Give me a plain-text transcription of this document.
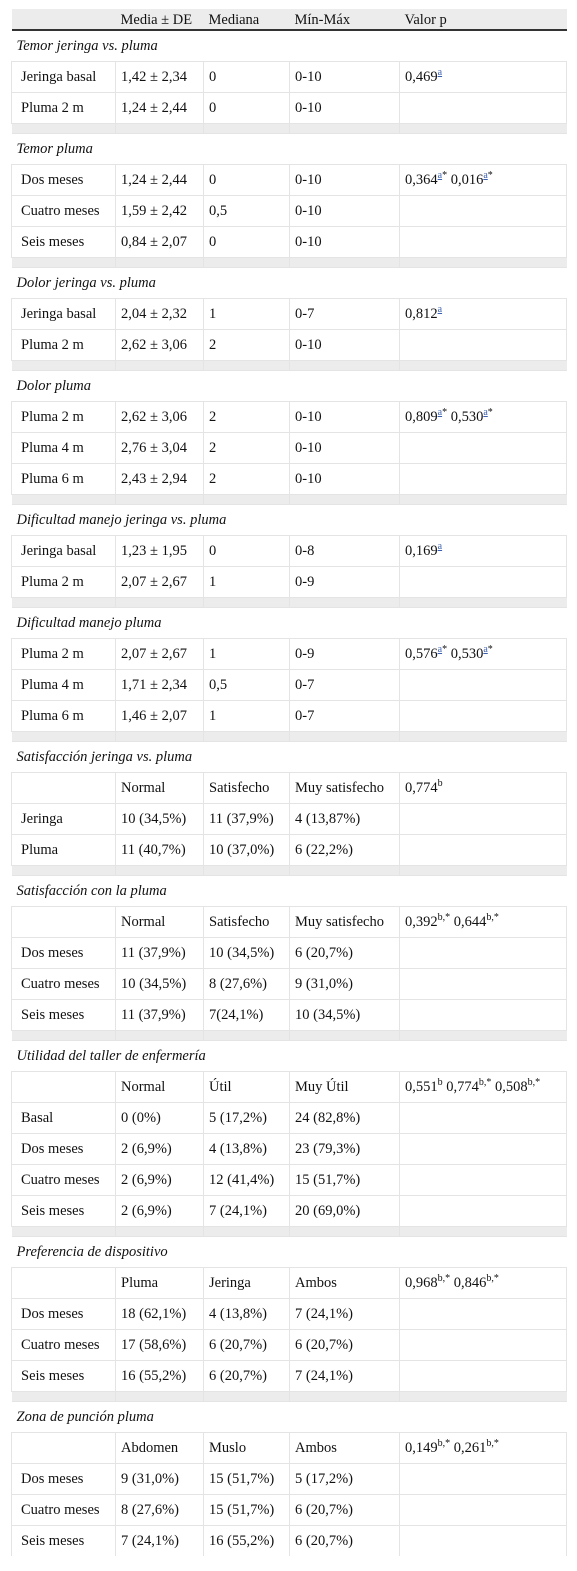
	Media ± DE	Mediana	Mín-Máx	Valor p
Temor jeringa vs. pluma				
Jeringa basal	1,42 ± 2,34	0	0-10	0,469$^a$
Pluma 2 m	1,24 ± 2,44	0	0-10	

Temor pluma				
Dos meses	1,24 ± 2,44	0	0-10	0,364$^{a*}$ 0,016$^{a*}$
Cuatro meses	1,59 ± 2,42	0,5	0-10	
Seis meses	0,84 ± 2,07	0	0-10	

Dolor jeringa vs. pluma				
Jeringa basal	2,04 ± 2,32	1	0-7	0,812$^a$
Pluma 2 m	2,62 ± 3,06	2	0-10	

Dolor pluma				
Pluma 2 m	2,62 ± 3,06	2	0-10	0,809$^{a*}$ 0,530$^{a*}$
Pluma 4 m	2,76 ± 3,04	2	0-10	
Pluma 6 m	2,43 ± 2,94	2	0-10	

Dificultad manejo jeringa vs. pluma				
Jeringa basal	1,23 ± 1,95	0	0-8	0,169$^a$
Pluma 2 m	2,07 ± 2,67	1	0-9	

Dificultad manejo pluma				
Pluma 2 m	2,07 ± 2,67	1	0-9	0,576$^{a*}$ 0,530$^{a*}$
Pluma 4 m	1,71 ± 2,34	0,5	0-7	
Pluma 6 m	1,46 ± 2,07	1	0-7	

Satisfacción jeringa vs. pluma				
	Normal	Satisfecho	Muy satisfecho	0,774$^b$
Jeringa	10 (34,5%)	11 (37,9%)	4 (13,87%)	
Pluma	11 (40,7%)	10 (37,0%)	6 (22,2%)	

Satisfacción con la pluma				
	Normal	Satisfecho	Muy satisfecho	$0,392^{b,*}$ $0,644^{b,*}$
Dos meses	11 (37,9%)	10 (34,5%)	6 (20,7%)	
Cuatro meses	10 (34,5%)	8 (27,6%)	9 (31,0%)	
Seis meses	11 (37,9%)	7(24,1%)	10 (34,5%)	

Utilidad del taller de enfermería				
	Normal	Útil	Muy Útil	0,551$^b$ $0,774^{b,*}$ $0,508^{b,*}$
Basal	0 (0%)	5 (17,2%)	24 (82,8%)	
Dos meses	2 (6,9%)	4 (13,8%)	23 (79,3%)	
Cuatro meses	2 (6,9%)	12 (41,4%)	15 (51,7%)	
Seis meses	2 (6,9%)	7 (24,1%)	20 (69,0%)	

Preferencia de dispositivo				
	Pluma	Jeringa	Ambos	$0,968^{b,*}$ $0,846^{b,*}$
Dos meses	18 (62,1%)	4 (13,8%)	7 (24,1%)	
Cuatro meses	17 (58,6%)	6 (20,7%)	6 (20,7%)	
Seis meses	16 (55,2%)	6 (20,7%)	7 (24,1%)	

Zona de punción pluma				
	Abdomen	Muslo	Ambos	$0,149^{b,*}$ $0,261^{b,*}$
Dos meses	9 (31,0%)	15 (51,7%)	5 (17,2%)	
Cuatro meses	8 (27,6%)	15 (51,7%)	6 (20,7%)	
Seis meses	7 (24,1%)	16 (55,2%)	6 (20,7%)	
